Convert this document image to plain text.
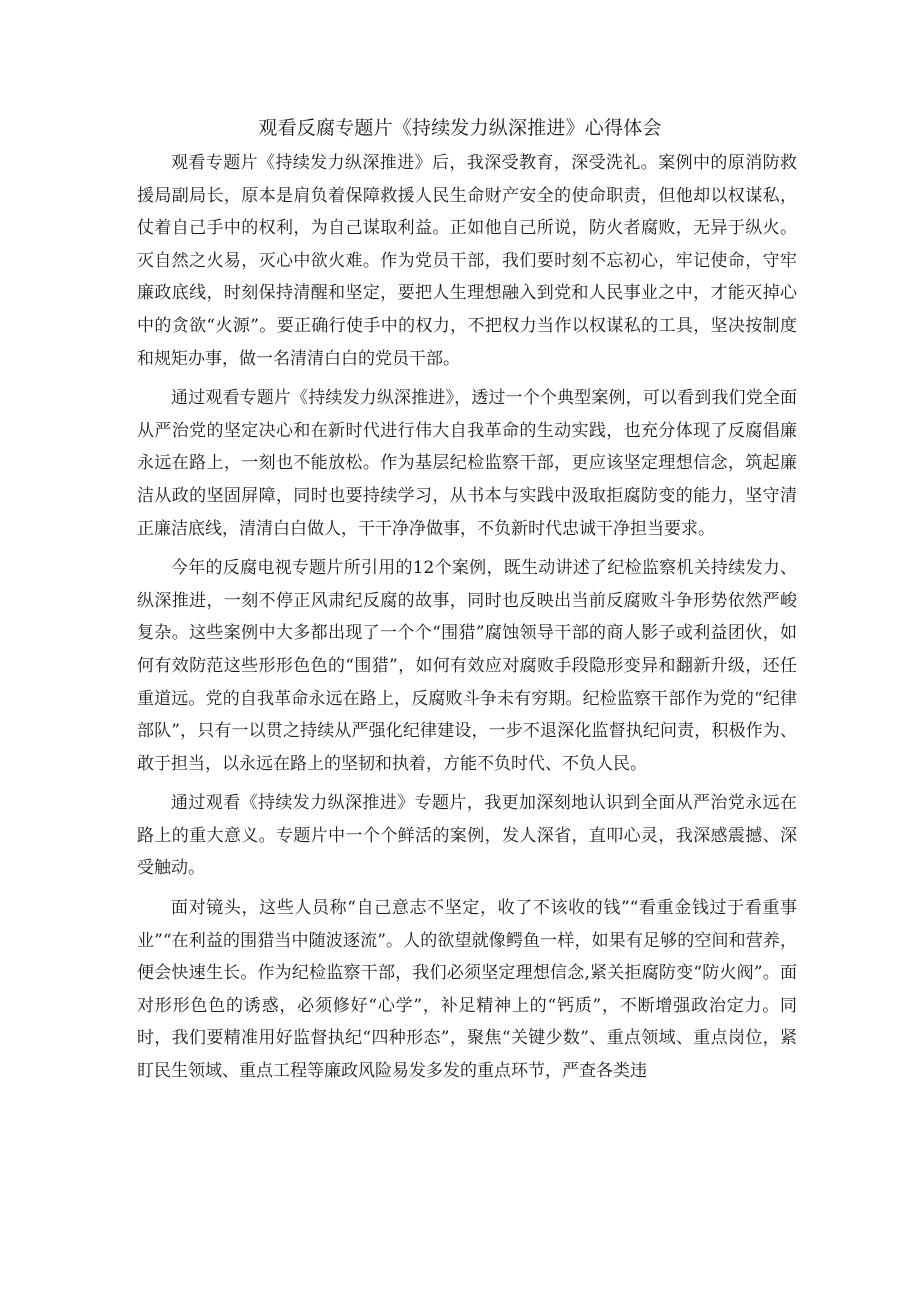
观看反腐专题片《持续发力纵深推进》心得体会

观看专题片《持续发力纵深推进》后，我深受教育，深受洗礼。案例中的原消防救援局副局长，原本是肩负着保障救援人民生命财产安全的使命职责，但他却以权谋私，仗着自己手中的权利，为自己谋取利益。正如他自己所说，防火者腐败，无异于纵火。灭自然之火易，灭心中欲火难。作为党员干部，我们要时刻不忘初心，牢记使命，守牢廉政底线，时刻保持清醒和坚定，要把人生理想融入到党和人民事业之中，才能灭掉心中的贪欲“火源”。要正确行使手中的权力，不把权力当作以权谋私的工具，坚决按制度和规矩办事，做一名清清白白的党员干部。

通过观看专题片《持续发力纵深推进》，透过一个个典型案例，可以看到我们党全面从严治党的坚定决心和在新时代进行伟大自我革命的生动实践，也充分体现了反腐倡廉永远在路上，一刻也不能放松。作为基层纪检监察干部，更应该坚定理想信念，筑起廉洁从政的坚固屏障，同时也要持续学习，从书本与实践中汲取拒腐防变的能力，坚守清正廉洁底线，清清白白做人，干干净净做事，不负新时代忠诚干净担当要求。

今年的反腐电视专题片所引用的12个案例，既生动讲述了纪检监察机关持续发力、纵深推进，一刻不停正风肃纪反腐的故事，同时也反映出当前反腐败斗争形势依然严峻复杂。这些案例中大多都出现了一个个“围猎”腐蚀领导干部的商人影子或利益团伙，如何有效防范这些形形色色的“围猎”，如何有效应对腐败手段隐形变异和翻新升级，还任重道远。党的自我革命永远在路上，反腐败斗争未有穷期。纪检监察干部作为党的“纪律部队”，只有一以贯之持续从严强化纪律建设，一步不退深化监督执纪问责，积极作为、敢于担当，以永远在路上的坚韧和执着，方能不负时代、不负人民。

通过观看《持续发力纵深推进》专题片，我更加深刻地认识到全面从严治党永远在路上的重大意义。专题片中一个个鲜活的案例，发人深省，直叩心灵，我深感震撼、深受触动。

面对镜头，这些人员称“自己意志不坚定，收了不该收的钱”“看重金钱过于看重事业”“在利益的围猎当中随波逐流”。人的欲望就像鳄鱼一样，如果有足够的空间和营养，便会快速生长。作为纪检监察干部，我们必须坚定理想信念,紧关拒腐防变“防火阀”。面对形形色色的诱惑，必须修好“心学”，补足精神上的“钙质”，不断增强政治定力。同时，我们要精准用好监督执纪“四种形态”，聚焦“关键少数”、重点领域、重点岗位，紧盯民生领域、重点工程等廉政风险易发多发的重点环节，严查各类违
